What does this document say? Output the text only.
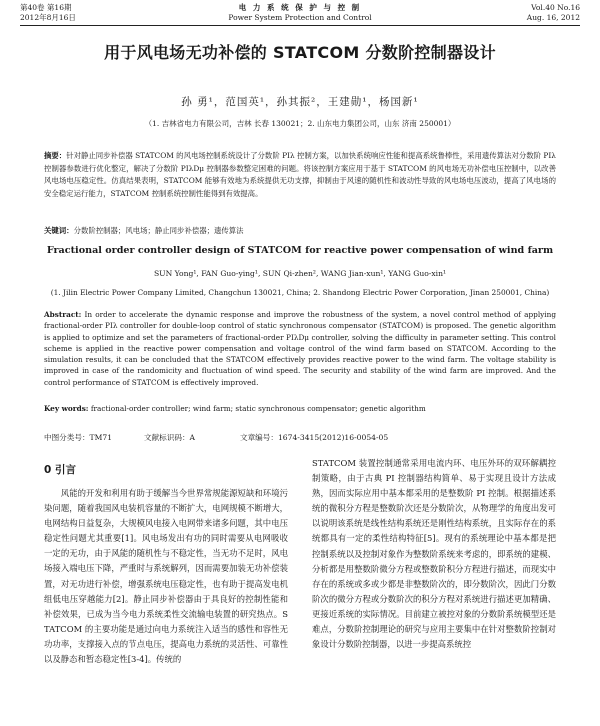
第40卷 第16期
2012年8月16日
电 力 系 统 保 护 与 控 制
Power System Protection and Control
Vol.40 No.16
Aug. 16, 2012
用于风电场无功补偿的 STATCOM 分数阶控制器设计
孙 勇¹，范国英¹，孙其振²，王建勋¹，杨国新¹
（1. 吉林省电力有限公司，吉林 长春 130021；2. 山东电力集团公司，山东 济南 250001）
摘要：针对静止同步补偿器 STATCOM 的风电场控制系统设计了分数阶 PIλ 控制方案，以加快系统响应性能和提高系统鲁棒性，采用遗传算法对分数阶 PIλ 控制器参数进行优化整定，解决了分数阶 PIλDμ 控制器参数整定困难的问题。将该控制方案应用于基于 STATCOM 的风电场无功补偿电压控制中，以改善风电场电压稳定性。仿真结果表明，STATCOM 能够有效地为系统提供无功支撑，抑制由于风速的随机性和波动性导致的风电场电压波动，提高了风电场的安全稳定运行能力，STATCOM 控制系统控制性能得到有效提高。
关键词：分数阶控制器；风电场；静止同步补偿器；遗传算法
Fractional order controller design of STATCOM for reactive power compensation of wind farm
SUN Yong¹, FAN Guo-ying¹, SUN Qi-zhen², WANG Jian-xun¹, YANG Guo-xin¹
(1. Jilin Electric Power Company Limited, Changchun 130021, China; 2. Shandong Electric Power Corporation, Jinan 250001, China)
Abstract: In order to accelerate the dynamic response and improve the robustness of the system, a novel control method of applying fractional-order PIλ controller for double-loop control of static synchronous compensator (STATCOM) is proposed. The genetic algorithm is applied to optimize and set the parameters of fractional-order PIλDμ controller, solving the difficulty in parameter setting. This control scheme is applied in the reactive power compensation and voltage control of the wind farm based on STATCOM. According to the simulation results, it can be concluded that the STATCOM effectively provides reactive power to the wind farm. The voltage stability is improved in case of the randomicity and fluctuation of wind speed. The security and stability of the wind farm are improved. And the control performance of STATCOM is effectively improved.
Key words: fractional-order controller; wind farm; static synchronous compensator; genetic algorithm
中图分类号：TM71	文献标识码：A	文章编号：1674-3415(2012)16-0054-05
0 引言
风能的开发和利用有助于缓解当今世界常规能源短缺和环境污染问题，随着我国风电装机容量的不断扩大，电网规模不断增大，电网结构日益复杂，大规模风电接入电网带来诸多问题，其中电压稳定性问题尤其重要[1]。风电场发出有功的同时需要从电网吸收一定的无功，由于风能的随机性与不稳定性，当无功不足时，风电场接入端电压下降，严重时与系统解列，因而需要加装无功补偿装置，对无功进行补偿，增强系统电压稳定性，也有助于提高发电机组低电压穿越能力[2]。静止同步补偿器由于具良好的控制性能和补偿效果，已成为当今电力系统柔性交流输电装置的研究热点。STATCOM 的主要功能是通过向电力系统注入适当的感性和容性无功功率，支撑接入点的节点电压，提高电力系统的灵活性、可靠性以及静态和暂态稳定性[3-4]。传统的
STATCOM 装置控制通常采用电流内环、电压外环的双环解耦控制策略，由于古典 PI 控制器结构简单、易于实现且设计方法成熟，因而实际应用中基本都采用的是整数阶 PI 控制。根据描述系统的微积分方程是整数阶次还是分数阶次，从物理学的角度出发可以说明该系统是线性结构系统还是刚性结构系统，且实际存在的系统都具有一定的柔性结构特征[5]。现有的系统理论中基本都是把控制系统以及控制对象作为整数阶系统来考虑的，即系统的建模、分析都是用整数阶微分方程或整数阶积分方程进行描述，而现实中存在的系统或多或少都是非整数阶次的，即分数阶次，因此门分数阶次的微分方程或分数阶次的积分方程对系统进行描述更加精确、更接近系统的实际情况。目前建立被控对象的分数阶系统模型还是难点，分数阶控制理论的研究与应用主要集中在针对整数阶控制对象设计分数阶控制器，以进一步提高系统控
